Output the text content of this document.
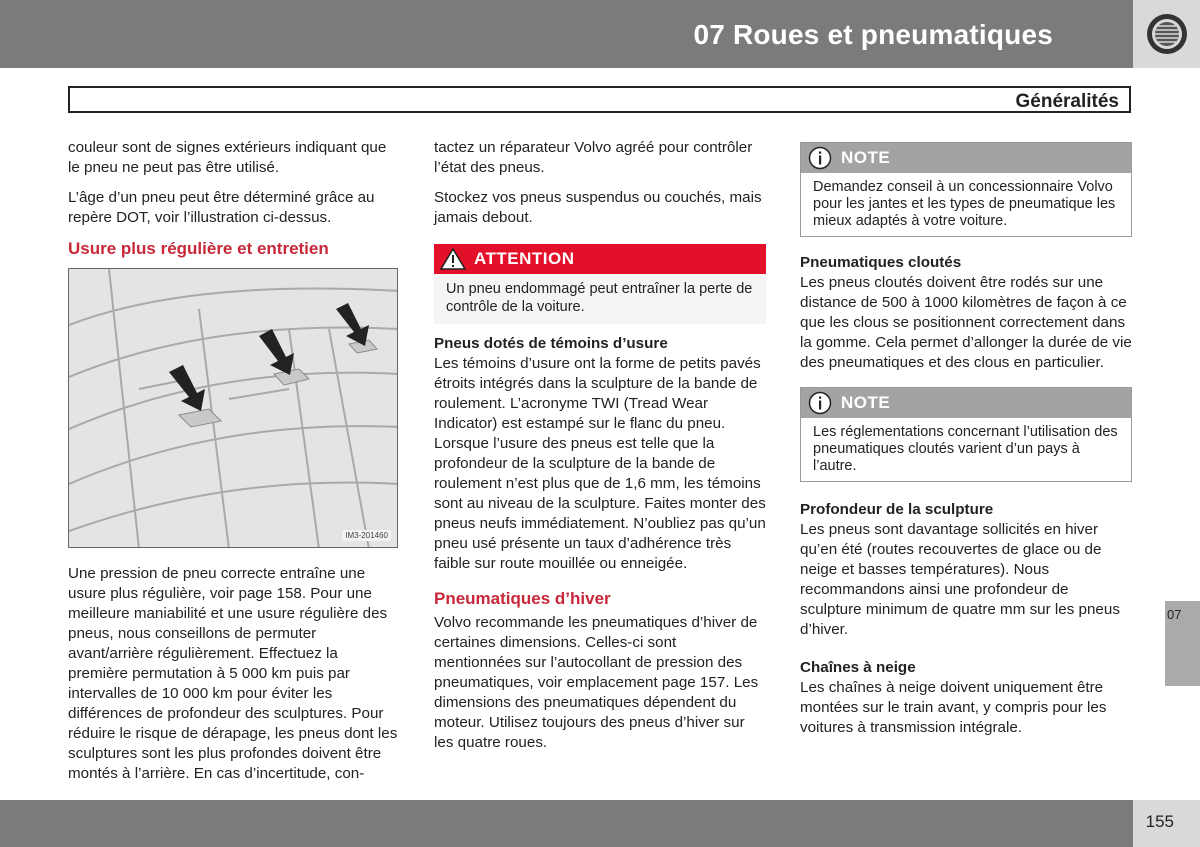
07 Roues et pneumatiques
Généralités

couleur sont de signes extérieurs indiquant que le pneu ne peut pas être utilisé.

L’âge d’un pneu peut être déterminé grâce au repère DOT, voir l’illustration ci-dessus.

Usure plus régulière et entretien
IM3-201460

Une pression de pneu correcte entraîne une usure plus régulière, voir page 158. Pour une meilleure maniabilité et une usure régulière des pneus, nous conseillons de permuter avant/arrière régulièrement. Effectuez la première permutation à 5 000 km puis par intervalles de 10 000 km pour éviter les différences de profondeur des sculptures. Pour réduire le risque de dérapage, les pneus dont les sculptures sont les plus profondes doivent être montés à l’arrière. En cas d’incertitude, con-

tactez un réparateur Volvo agréé pour contrôler l’état des pneus.

Stockez vos pneus suspendus ou couchés, mais jamais debout.

ATTENTION
Un pneu endommagé peut entraîner la perte de contrôle de la voiture.
Pneus dotés de témoins d’usure

Les témoins d’usure ont la forme de petits pavés étroits intégrés dans la sculpture de la bande de roulement. L’acronyme TWI (Tread Wear Indicator) est estampé sur le flanc du pneu. Lorsque l’usure des pneus est telle que la profondeur de la sculpture de la bande de roulement n’est plus que de 1,6 mm, les témoins sont au niveau de la sculpture. Faites monter des pneus neufs immédiatement. N’oubliez pas qu’un pneu usé présente un taux d’adhérence très faible sur route mouillée ou enneigée.

Pneumatiques d’hiver

Volvo recommande les pneumatiques d’hiver de certaines dimensions. Celles-ci sont mentionnées sur l’autocollant de pression des pneumatiques, voir emplacement page 157. Les dimensions des pneumatiques dépendent du moteur. Utilisez toujours des pneus d’hiver sur les quatre roues.

NOTE
Demandez conseil à un concessionnaire Volvo pour les jantes et les types de pneumatique les mieux adaptés à votre voiture.
Pneumatiques cloutés

Les pneus cloutés doivent être rodés sur une distance de 500 à 1000 kilomètres de façon à ce que les clous se positionnent correctement dans la gomme. Cela permet d’allonger la durée de vie des pneumatiques et des clous en particulier.

NOTE
Les réglementations concernant l’utilisation des pneumatiques cloutés varient d’un pays à l’autre.
Profondeur de la sculpture

Les pneus sont davantage sollicités en hiver qu’en été (routes recouvertes de glace ou de neige et basses températures). Nous recommandons ainsi une profondeur de sculpture minimum de quatre mm sur les pneus d’hiver.

Chaînes à neige

Les chaînes à neige doivent uniquement être montées sur le train avant, y compris pour les voitures à transmission intégrale.

07
155
